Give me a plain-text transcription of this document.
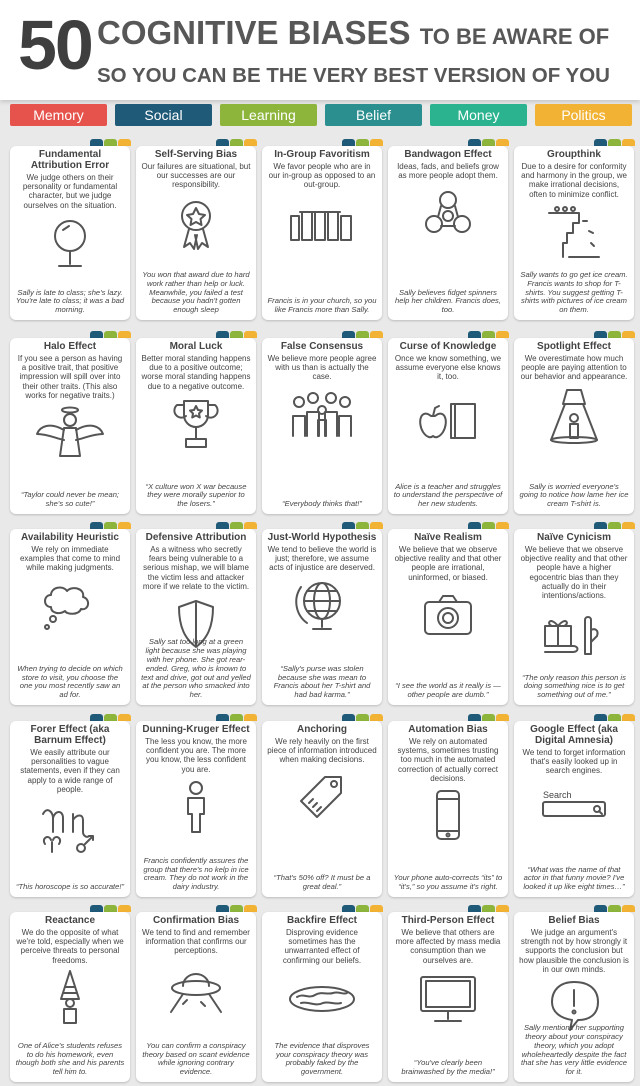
50 COGNITIVE BIASES TO BE AWARE OF
SO YOU CAN BE THE VERY BEST VERSION OF YOU
Memory	Social	Learning	Belief	Money	Politics
Fundamental Attribution Error
We judge others on their personality or fundamental character, but we judge ourselves on the situation.
Sally is late to class; she's lazy. You're late to class; it was a bad morning.
Self-Serving Bias
Our failures are situational, but our successes are our responsibility.
You won that award due to hard work rather than help or luck. Meanwhile, you failed a test because you hadn't gotten enough sleep
In-Group Favoritism
We favor people who are in our in-group as opposed to an out-group.
Francis is in your church, so you like Francis more than Sally.
Bandwagon Effect
Ideas, fads, and beliefs grow as more people adopt them.
Sally believes fidget spinners help her children. Francis does, too.
Groupthink
Due to a desire for conformity and harmony in the group, we make irrational decisions, often to minimize conflict.
Sally wants to go get ice cream. Francis wants to shop for T-shirts. You suggest getting T-shirts with pictures of ice cream on them.
Halo Effect
If you see a person as having a positive trait, that positive impression will spill over into their other traits. (This also works for negative traits.)
“Taylor could never be mean; she's so cute!”
Moral Luck
Better moral standing happens due to a positive outcome; worse moral standing happens due to a negative outcome.
“X culture won X war because they were morally superior to the losers.”
False Consensus
We believe more people agree with us than is actually the case.
“Everybody thinks that!”
Curse of Knowledge
Once we know something, we assume everyone else knows it, too.
Alice is a teacher and struggles to understand the perspective of her new students.
Spotlight Effect
We overestimate how much people are paying attention to our behavior and appearance.
Sally is worried everyone's going to notice how lame her ice cream T-shirt is.
Availability Heuristic
We rely on immediate examples that come to mind while making judgments.
When trying to decide on which store to visit, you choose the one you most recently saw an ad for.
Defensive Attribution
As a witness who secretly fears being vulnerable to a serious mishap, we will blame the victim less and attacker more if we relate to the victim.
Sally sat too long at a green light because she was playing with her phone. She got rear-ended. Greg, who is known to text and drive, got out and yelled at the person who smacked into her.
Just-World Hypothesis
We tend to believe the world is just; therefore, we assume acts of injustice are deserved.
“Sally's purse was stolen because she was mean to Francis about her T-shirt and had bad karma.”
Naïve Realism
We believe that we observe objective reality and that other people are irrational, uninformed, or biased.
“I see the world as it really is — other people are dumb.”
Naïve Cynicism
We believe that we observe objective reality and that other people have a higher egocentric bias than they actually do in their intentions/actions.
“The only reason this person is doing something nice is to get something out of me.”
Forer Effect (aka Barnum Effect)
We easily attribute our personalities to vague statements, even if they can apply to a wide range of people.
“This horoscope is so accurate!”
Dunning-Kruger Effect
The less you know, the more confident you are. The more you know, the less confident you are.
Francis confidently assures the group that there's no kelp in ice cream. They do not work in the dairy industry.
Anchoring
We rely heavily on the first piece of information introduced when making decisions.
“That's 50% off? It must be a great deal.”
Automation Bias
We rely on automated systems, sometimes trusting too much in the automated correction of actually correct decisions.
Your phone auto-corrects “its” to “it's,” so you assume it's right.
Google Effect (aka Digital Amnesia)
We tend to forget information that's easily looked up in search engines.
Search
“What was the name of that actor in that funny movie? I've looked it up like eight times…”
Reactance
We do the opposite of what we're told, especially when we perceive threats to personal freedoms.
One of Alice's students refuses to do his homework, even though both she and his parents tell him to.
Confirmation Bias
We tend to find and remember information that confirms our perceptions.
You can confirm a conspiracy theory based on scant evidence while ignoring contrary evidence.
Backfire Effect
Disproving evidence sometimes has the unwarranted effect of confirming our beliefs.
The evidence that disproves your conspiracy theory was probably faked by the government.
Third-Person Effect
We believe that others are more affected by mass media consumption than we ourselves are.
“You've clearly been brainwashed by the media!”
Belief Bias
We judge an argument's strength not by how strongly it supports the conclusion but how plausible the conclusion is in our own minds.
Sally mentions her supporting theory about your conspiracy theory, which you adopt wholeheartedly despite the fact that she has very little evidence for it.
